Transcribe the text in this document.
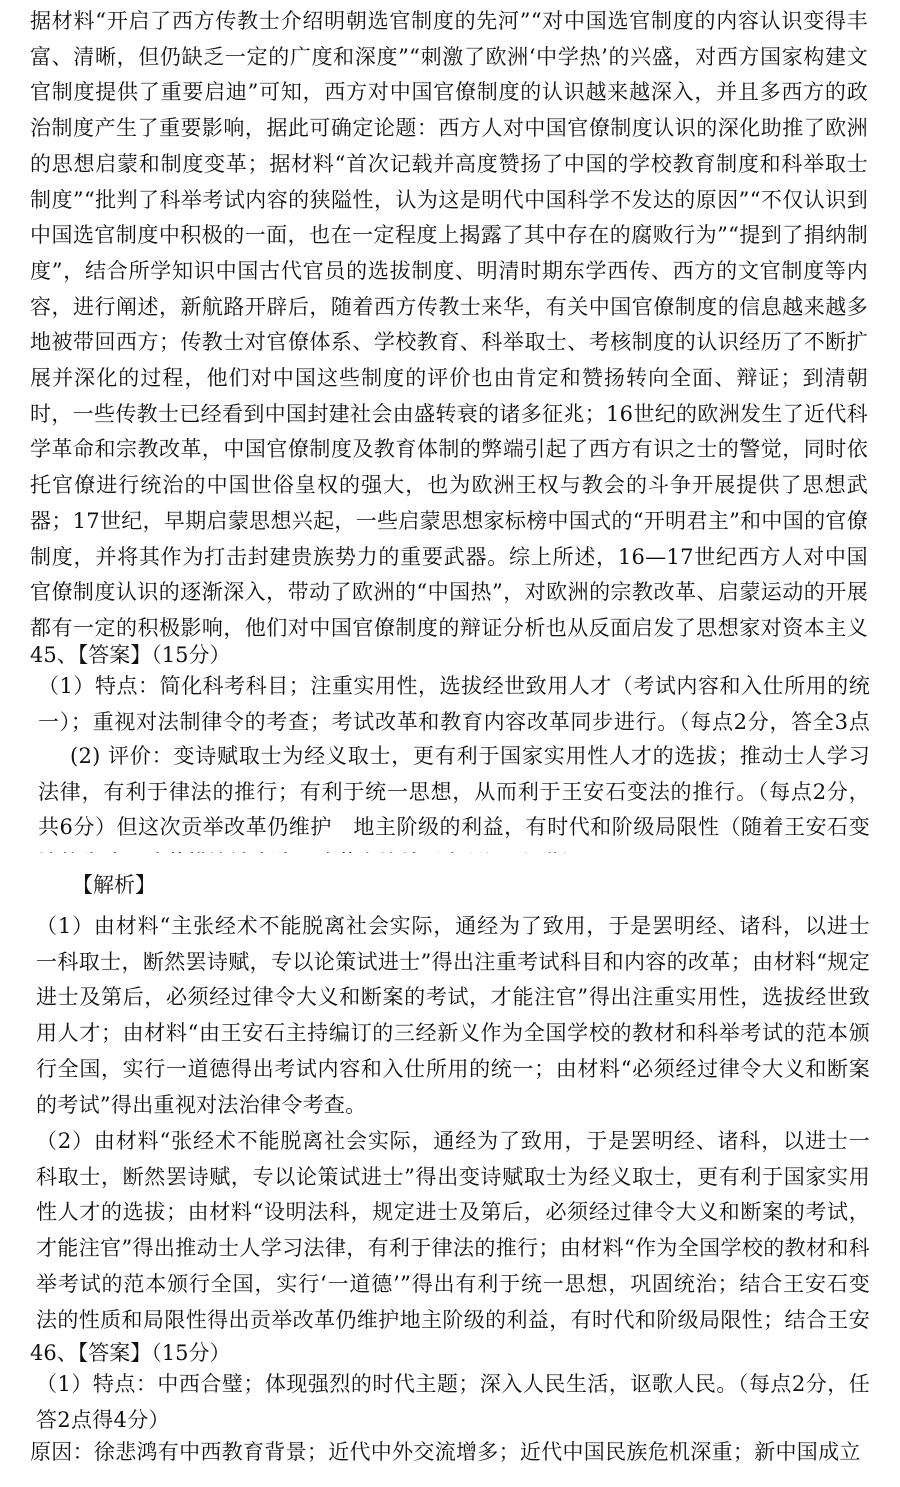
据材料“开启了西方传教士介绍明朝选官制度的先河”“对中国选官制度的内容认识变得丰富、清晰，但仍缺乏一定的广度和深度”“刺激了欧洲‘中学热’的兴盛，对西方国家构建文官制度提供了重要启迪”可知，西方对中国官僚制度的认识越来越深入，并且多西方的政治制度产生了重要影响，据此可确定论题：西方人对中国官僚制度认识的深化助推了欧洲的思想启蒙和制度变革；据材料“首次记载并高度赞扬了中国的学校教育制度和科举取士制度”“批判了科举考试内容的狭隘性，认为这是明代中国科学不发达的原因”“不仅认识到中国选官制度中积极的一面，也在一定程度上揭露了其中存在的腐败行为”“提到了捐纳制度”，结合所学知识中国古代官员的选拔制度、明清时期东学西传、西方的文官制度等内容，进行阐述，新航路开辟后，随着西方传教士来华，有关中国官僚制度的信息越来越多地被带回西方；传教士对官僚体系、学校教育、科举取士、考核制度的认识经历了不断扩展并深化的过程，他们对中国这些制度的评价也由肯定和赞扬转向全面、辩证；到清朝时，一些传教士已经看到中国封建社会由盛转衰的诸多征兆；16世纪的欧洲发生了近代科学革命和宗教改革，中国官僚制度及教育体制的弊端引起了西方有识之士的警觉，同时依托官僚进行统治的中国世俗皇权的强大，也为欧洲王权与教会的斗争开展提供了思想武器；17世纪，早期启蒙思想兴起，一些启蒙思想家标榜中国式的“开明君主”和中国的官僚制度，并将其作为打击封建贵族势力的重要武器。综上所述，16—17世纪西方人对中国官僚制度认识的逐渐深入，带动了欧洲的“中国热”，对欧洲的宗教改革、启蒙运动的开展都有一定的积极影响，他们对中国官僚制度的辩证分析也从反面启发了思想家对资本主义

45、【答案】（15分）

（1）特点：简化科考科目；注重实用性，选拔经世致用人才（考试内容和入仕所用的统一）；重视对法制律令的考查；考试改革和教育内容改革同步进行。（每点2分，答全3点

(2) 评价：变诗赋取士为经义取士，更有利于国家实用性人才的选拔；推动士人学习法律，有利于律法的推行；有利于统一思想，从而利于王安石变法的推行。（每点2分，共6分）但这次贡举改革仍维护　地主阶级的利益，有时代和阶级局限性（随着王安石变

【解析】

（1）由材料“主张经术不能脱离社会实际，通经为了致用，于是罢明经、诸科，以进士一科取士，断然罢诗赋，专以论策试进士”得出注重考试科目和内容的改革；由材料“规定进士及第后，必须经过律令大义和断案的考试，才能注官”得出注重实用性，选拔经世致用人才；由材料“由王安石主持编订的三经新义作为全国学校的教材和科举考试的范本颁行全国，实行一道德得出考试内容和入仕所用的统一；由材料“必须经过律令大义和断案的考试”得出重视对法治律令考查。

（2）由材料“张经术不能脱离社会实际，通经为了致用，于是罢明经、诸科，以进士一科取士，断然罢诗赋，专以论策试进士”得出变诗赋取士为经义取士，更有利于国家实用性人才的选拔；由材料“设明法科，规定进士及第后，必须经过律令大义和断案的考试，才能注官”得出推动士人学习法律，有利于律法的推行；由材料“作为全国学校的教材和科举考试的范本颁行全国，实行‘一道德’”得出有利于统一思想，巩固统治；结合王安石变法的性质和局限性得出贡举改革仍维护地主阶级的利益，有时代和阶级局限性；结合王安

46、【答案】（15分）

（1）特点：中西合璧；体现强烈的时代主题；深入人民生活，讴歌人民。（每点2分，任答2点得4分）

原因：徐悲鸿有中西教育背景；近代中外交流增多；近代中国民族危机深重；新中国成立
